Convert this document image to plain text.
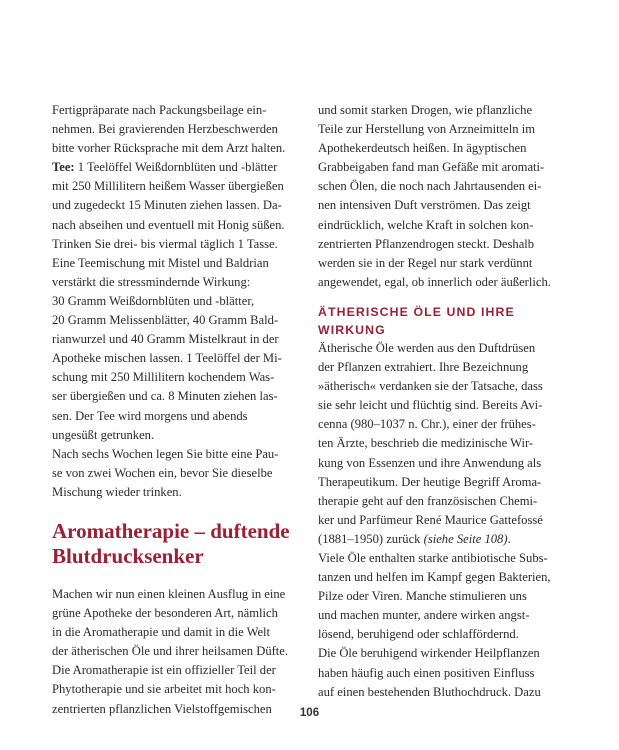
Fertigpräparate nach Packungsbeilage ein-
nehmen. Bei gravierenden Herzbeschwerden
bitte vorher Rücksprache mit dem Arzt halten.
Tee: 1 Teelöffel Weißdornblüten und -blätter
mit 250 Millilitern heißem Wasser übergießen
und zugedeckt 15 Minuten ziehen lassen. Da-
nach abseihen und eventuell mit Honig süßen.
Trinken Sie drei- bis viermal täglich 1 Tasse.
Eine Teemischung mit Mistel und Baldrian
verstärkt die stressmindernde Wirkung:
30 Gramm Weißdornblüten und -blätter,
20 Gramm Melissenblätter, 40 Gramm Bald-
rianwurzel und 40 Gramm Mistelkraut in der
Apotheke mischen lassen. 1 Teelöffel der Mi-
schung mit 250 Millilitern kochendem Was-
ser übergießen und ca. 8 Minuten ziehen las-
sen. Der Tee wird morgens und abends
ungesüßt getrunken.
Nach sechs Wochen legen Sie bitte eine Pau-
se von zwei Wochen ein, bevor Sie dieselbe
Mischung wieder trinken.
Aromatherapie – duftende
Blutdrucksenker
Machen wir nun einen kleinen Ausflug in eine
grüne Apotheke der besonderen Art, nämlich
in die Aromatherapie und damit in die Welt
der ätherischen Öle und ihrer heilsamen Düfte.
Die Aromatherapie ist ein offizieller Teil der
Phytotherapie und sie arbeitet mit hoch kon-
zentrierten pflanzlichen Vielstoffgemischen
und somit starken Drogen, wie pflanzliche
Teile zur Herstellung von Arzneimitteln im
Apothekerdeutsch heißen. In ägyptischen
Grabbeigaben fand man Gefäße mit aromati-
schen Ölen, die noch nach Jahrtausenden ei-
nen intensiven Duft verströmen. Das zeigt
eindrücklich, welche Kraft in solchen kon-
zentrierten Pflanzendrogen steckt. Deshalb
werden sie in der Regel nur stark verdünnt
angewendet, egal, ob innerlich oder äußerlich.
ÄTHERISCHE ÖLE UND IHRE
WIRKUNG
Ätherische Öle werden aus den Duftdrüsen
der Pflanzen extrahiert. Ihre Bezeichnung
»ätherisch« verdanken sie der Tatsache, dass
sie sehr leicht und flüchtig sind. Bereits Avi-
cenna (980–1037 n. Chr.), einer der frühes-
ten Ärzte, beschrieb die medizinische Wir-
kung von Essenzen und ihre Anwendung als
Therapeutikum. Der heutige Begriff Aroma-
therapie geht auf den französischen Chemi-
ker und Parfümeur René Maurice Gattefossé
(1881–1950) zurück (siehe Seite 108).
Viele Öle enthalten starke antibiotische Subs-
tanzen und helfen im Kampf gegen Bakterien,
Pilze oder Viren. Manche stimulieren uns
und machen munter, andere wirken angst-
lösend, beruhigend oder schlaffördernd.
Die Öle beruhigend wirkender Heilpflanzen
haben häufig auch einen positiven Einfluss
auf einen bestehenden Bluthochdruck. Dazu
106
